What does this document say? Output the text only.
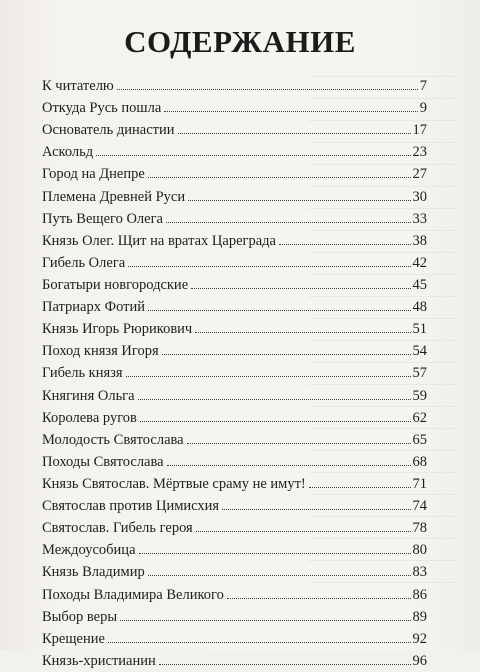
СОДЕРЖАНИЕ
К читателю	7
Откуда Русь пошла	9
Основатель династии	17
Аскольд	23
Город на Днепре	27
Племена Древней Руси	30
Путь Вещего Олега	33
Князь Олег. Щит на вратах Цареграда	38
Гибель Олега	42
Богатыри новгородские	45
Патриарх Фотий	48
Князь Игорь Рюрикович	51
Поход князя Игоря	54
Гибель князя	57
Княгиня Ольга	59
Королева ругов	62
Молодость Святослава	65
Походы Святослава	68
Князь Святослав. Мёртвые сраму не имут!	71
Святослав против Цимисхия	74
Святослав. Гибель героя	78
Междоусобица	80
Князь Владимир	83
Походы Владимира Великого	86
Выбор веры	89
Крещение	92
Князь-христианин	96
